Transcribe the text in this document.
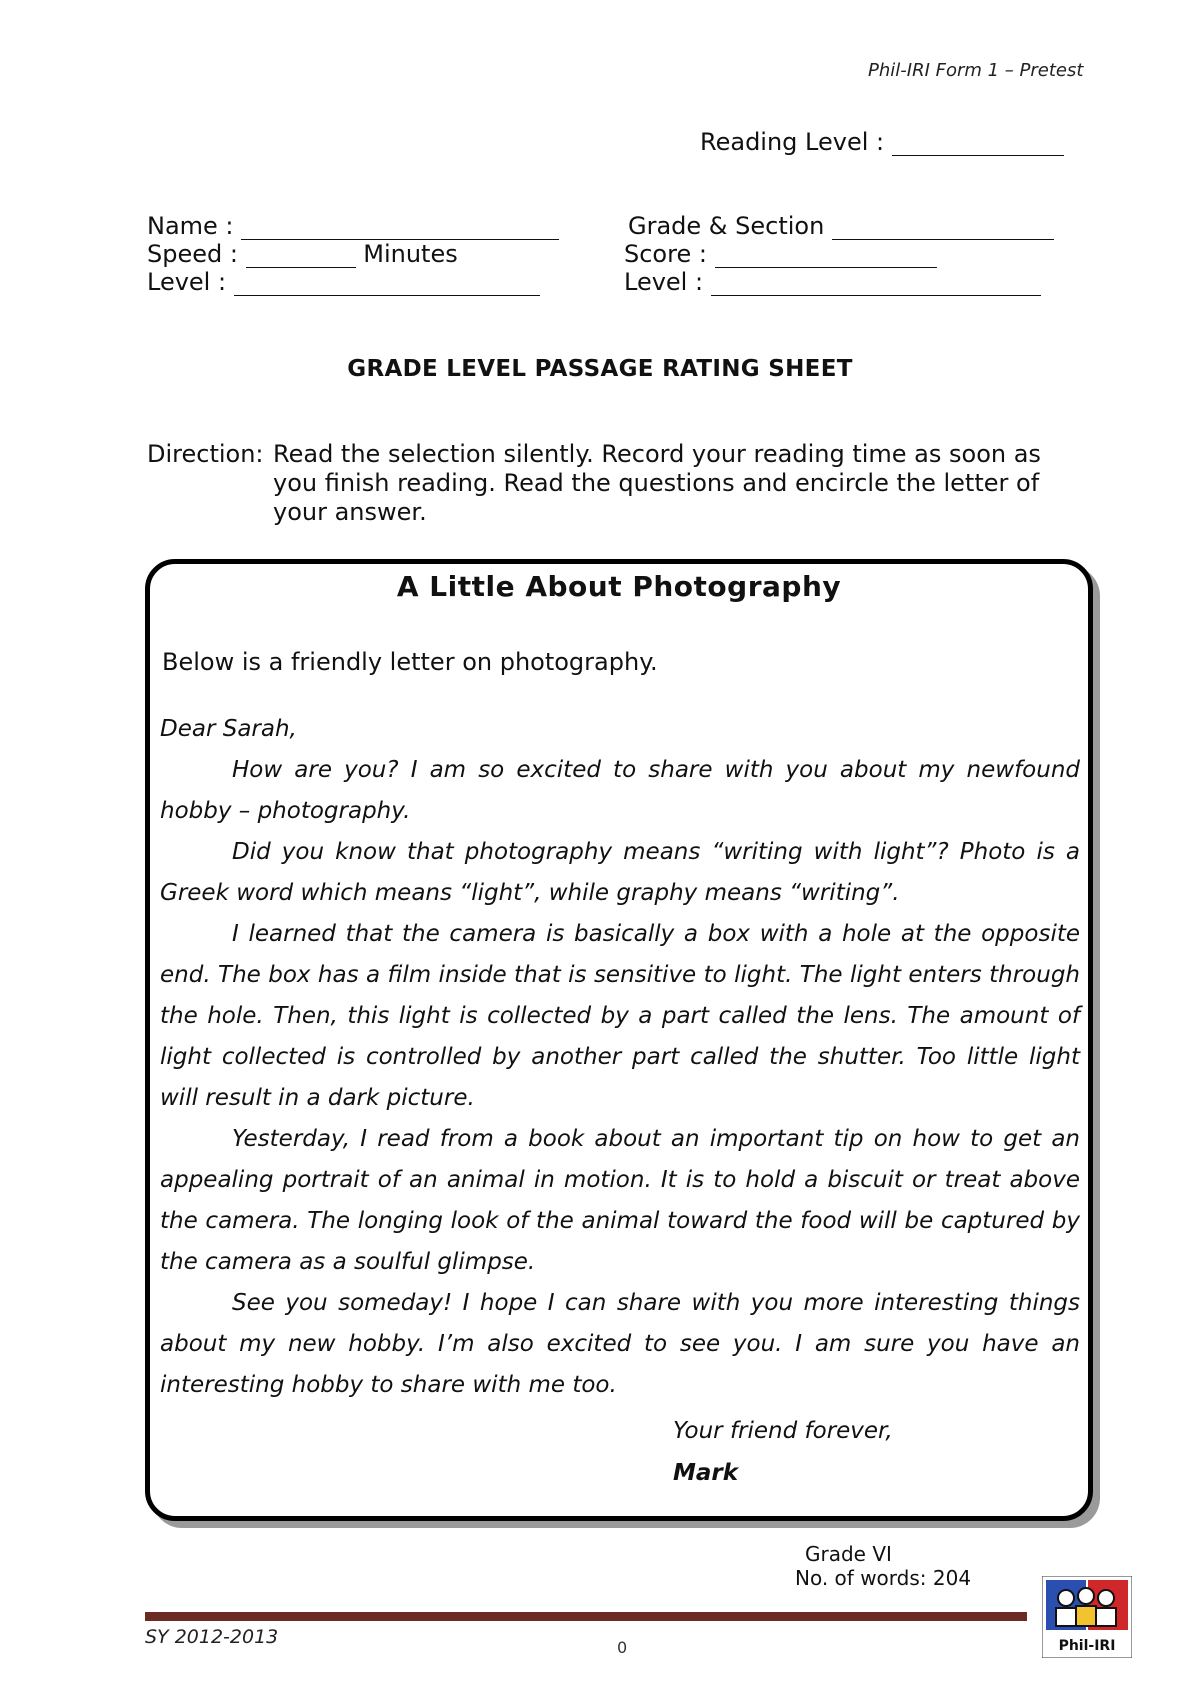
Phil-IRI Form 1 – Pretest
Reading Level :
Name :	Grade & Section
Speed :	Minutes	Score :
Level :	Level :
GRADE LEVEL PASSAGE RATING SHEET
Direction: Read the selection silently. Record your reading time as soon as you finish reading. Read the questions and encircle the letter of your answer.
A Little About Photography
Below is a friendly letter on photography.

Dear Sarah,

How are you? I am so excited to share with you about my newfound hobby – photography.

Did you know that photography means “writing with light”? Photo is a Greek word which means “light”, while graphy means “writing”.

I learned that the camera is basically a box with a hole at the opposite end. The box has a film inside that is sensitive to light. The light enters through the hole. Then, this light is collected by a part called the lens. The amount of light collected is controlled by another part called the shutter. Too little light will result in a dark picture.

Yesterday, I read from a book about an important tip on how to get an appealing portrait of an animal in motion. It is to hold a biscuit or treat above the camera. The longing look of the animal toward the food will be captured by the camera as a soulful glimpse.

See you someday! I hope I can share with you more interesting things about my new hobby. I’m also excited to see you. I am sure you have an interesting hobby to share with me too.

Your friend forever,
Mark
Grade VI
No. of words: 204
SY 2012-2013	0	Phil-IRI
